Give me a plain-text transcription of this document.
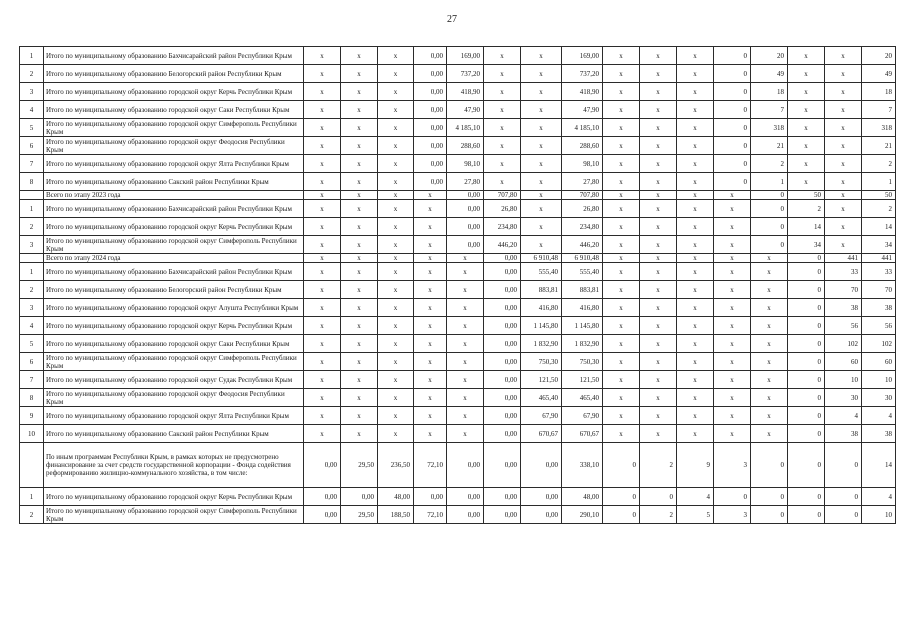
27
1	Итого по муниципальному образованию Бахчисарайский район Республики Крым	x	x	x	0,00	169,00	x	x	169,00	x	x	x	0	20	x	x	20
2	Итого по муниципальному образованию Белогорский район Республики Крым	x	x	x	0,00	737,20	x	x	737,20	x	x	x	0	49	x	x	49
3	Итого по муниципальному образованию городской округ Керчь Республики Крым	x	x	x	0,00	418,90	x	x	418,90	x	x	x	0	18	x	x	18
4	Итого по муниципальному образованию городской округ Саки Республики Крым	x	x	x	0,00	47,90	x	x	47,90	x	x	x	0	7	x	x	7
5	Итого по муниципальному образованию городской округ Симферополь Республики Крым	x	x	x	0,00	4 185,10	x	x	4 185,10	x	x	x	0	318	x	x	318
6	Итого по муниципальному образованию городской округ Феодосия Республики Крым	x	x	x	0,00	288,60	x	x	288,60	x	x	x	0	21	x	x	21
7	Итого по муниципальному образованию городской округ Ялта Республики Крым	x	x	x	0,00	98,10	x	x	98,10	x	x	x	0	2	x	x	2
8	Итого по муниципальному образованию Сакский район Республики Крым	x	x	x	0,00	27,80	x	x	27,80	x	x	x	0	1	x	x	1
	Всего по этапу 2023 года	x	x	x	x	0,00	707,80	x	707,80	x	x	x	x	0	50	x	50
1	Итого по муниципальному образованию Бахчисарайский район Республики Крым	x	x	x	x	0,00	26,80	x	26,80	x	x	x	x	0	2	x	2
2	Итого по муниципальному образованию городской округ Керчь Республики Крым	x	x	x	x	0,00	234,80	x	234,80	x	x	x	x	0	14	x	14
3	Итого по муниципальному образованию городской округ Симферополь Республики Крым	x	x	x	x	0,00	446,20	x	446,20	x	x	x	x	0	34	x	34
	Всего по этапу 2024 года	x	x	x	x	x	0,00	6 910,48	6 910,48	x	x	x	x	x	0	441	441
1	Итого по муниципальному образованию Бахчисарайский район Республики Крым	x	x	x	x	x	0,00	555,40	555,40	x	x	x	x	x	0	33	33
2	Итого по муниципальному образованию Белогорский район Республики Крым	x	x	x	x	x	0,00	883,81	883,81	x	x	x	x	x	0	70	70
3	Итого по муниципальному образованию городской округ Алушта Республики Крым	x	x	x	x	x	0,00	416,80	416,80	x	x	x	x	x	0	38	38
4	Итого по муниципальному образованию городской округ Керчь Республики Крым	x	x	x	x	x	0,00	1 145,80	1 145,80	x	x	x	x	x	0	56	56
5	Итого по муниципальному образованию городской округ Саки Республики Крым	x	x	x	x	x	0,00	1 832,90	1 832,90	x	x	x	x	x	0	102	102
6	Итого по муниципальному образованию городской округ Симферополь Республики Крым	x	x	x	x	x	0,00	750,30	750,30	x	x	x	x	x	0	60	60
7	Итого по муниципальному образованию городской округ Судак Республики Крым	x	x	x	x	x	0,00	121,50	121,50	x	x	x	x	x	0	10	10
8	Итого по муниципальному образованию городской округ Феодосия Республики Крым	x	x	x	x	x	0,00	465,40	465,40	x	x	x	x	x	0	30	30
9	Итого по муниципальному образованию городской округ Ялта Республики Крым	x	x	x	x	x	0,00	67,90	67,90	x	x	x	x	x	0	4	4
10	Итого по муниципальному образованию Сакский район Республики Крым	x	x	x	x	x	0,00	670,67	670,67	x	x	x	x	x	0	38	38
	По иным программам Республики Крым, в рамках которых не предусмотрено финансирование за счет средств государственной корпорации - Фонда содействия реформированию жилищно-коммунального хозяйства, в том числе:	0,00	29,50	236,50	72,10	0,00	0,00	0,00	338,10	0	2	9	3	0	0	0	14
1	Итого по муниципальному образованию городской округ Керчь Республики Крым	0,00	0,00	48,00	0,00	0,00	0,00	0,00	48,00	0	0	4	0	0	0	0	4
2	Итого по муниципальному образованию городской округ Симферополь Республики Крым	0,00	29,50	188,50	72,10	0,00	0,00	0,00	290,10	0	2	5	3	0	0	0	10
